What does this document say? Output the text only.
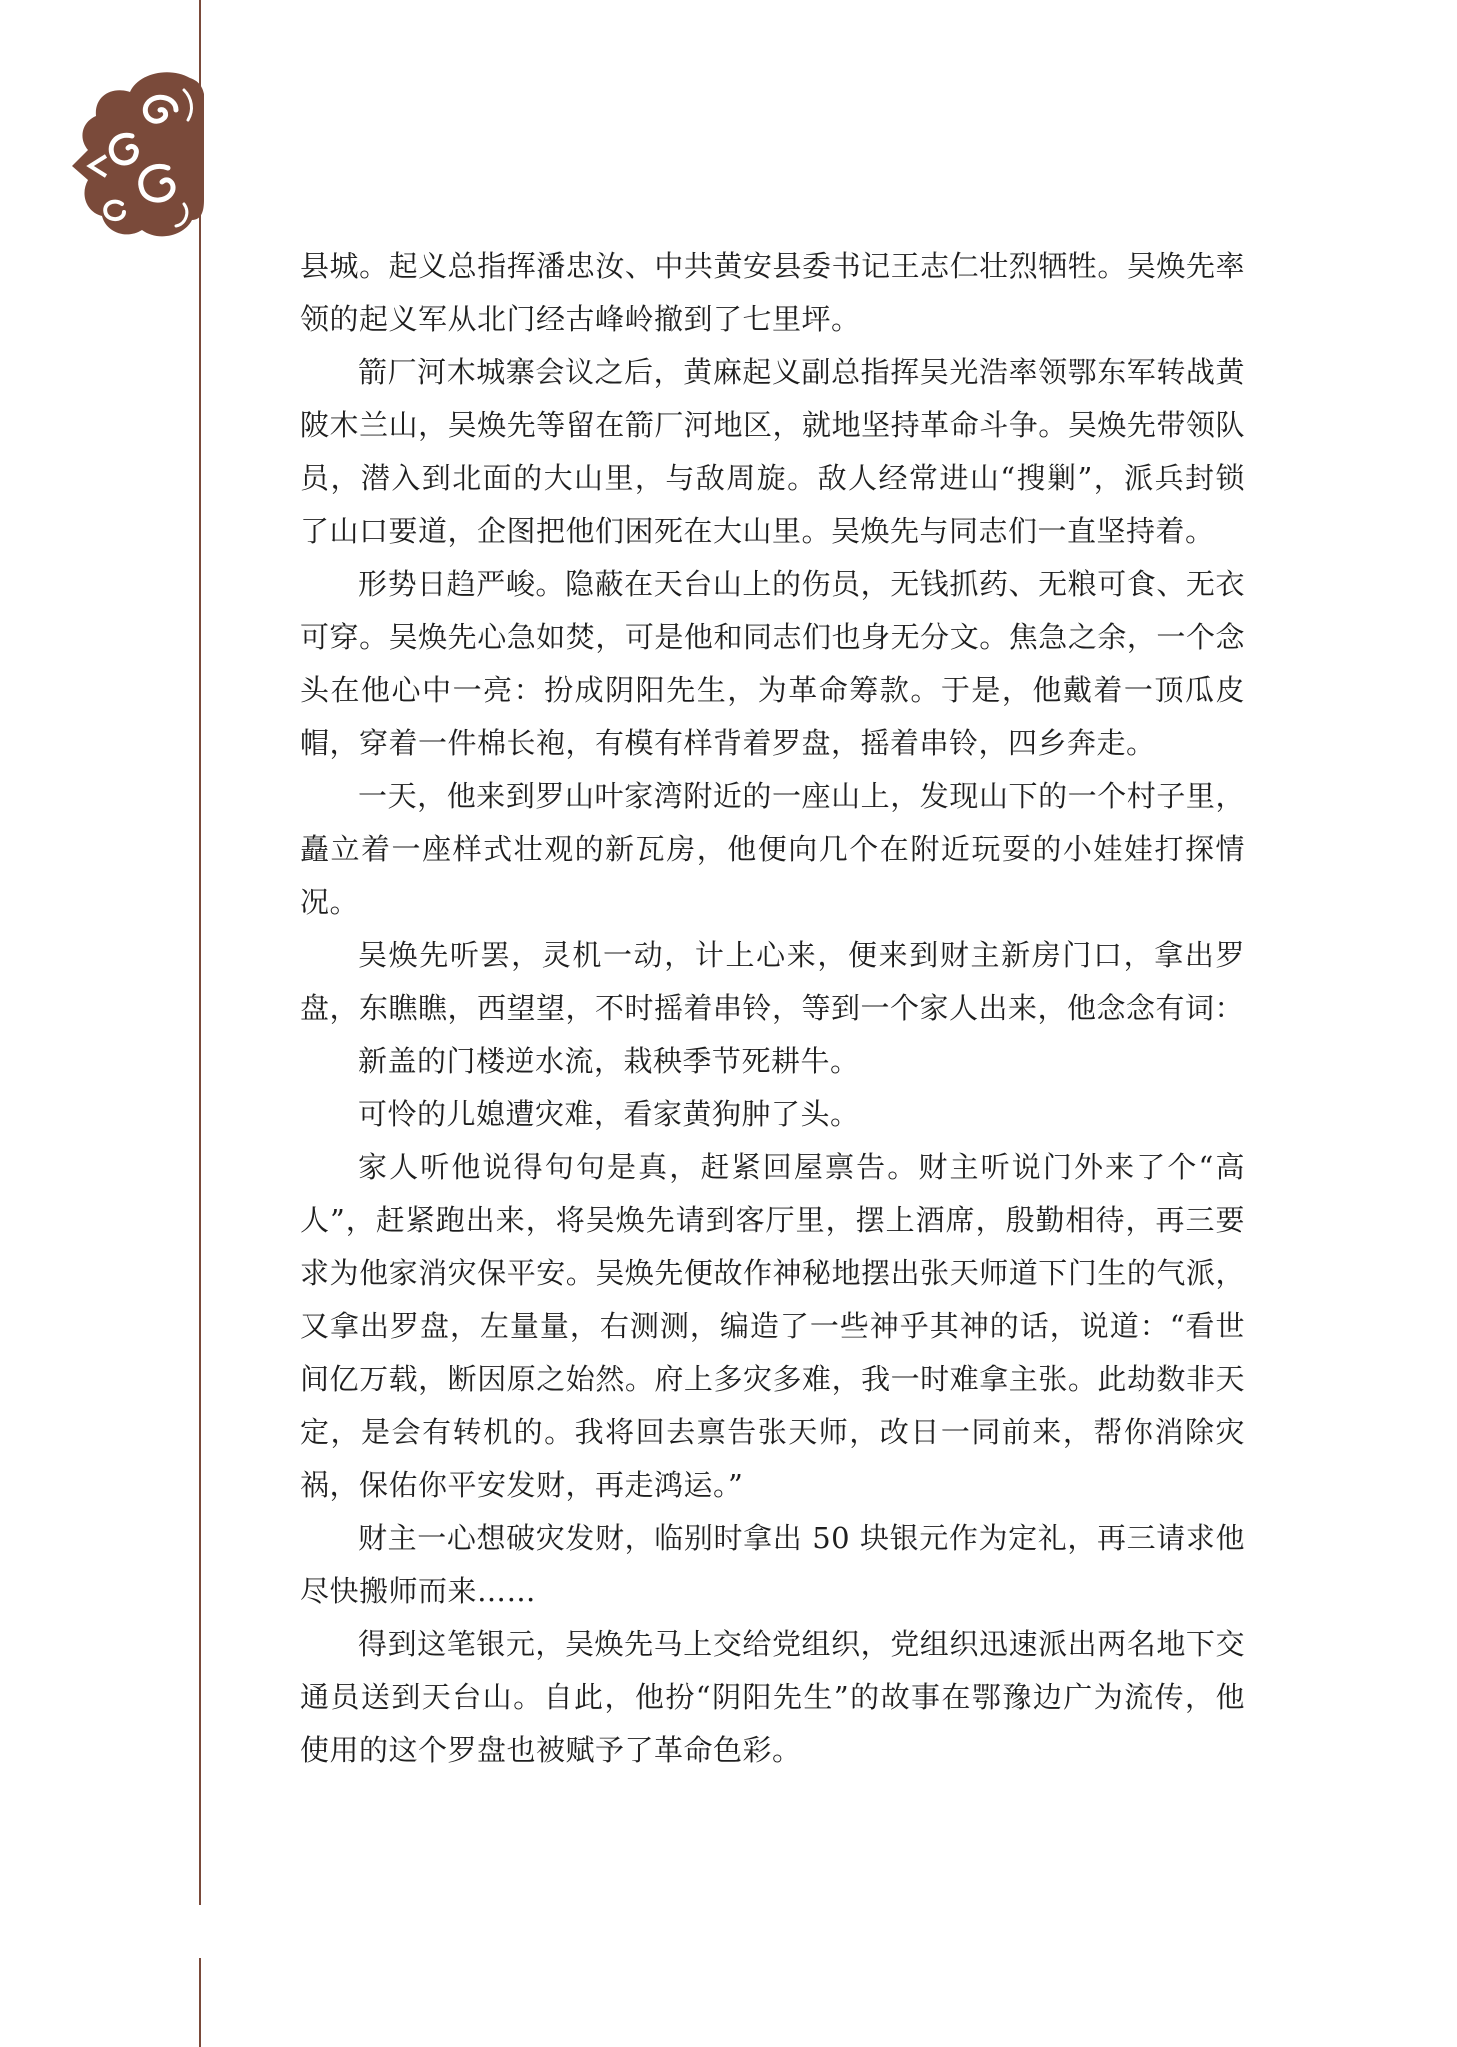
县城。起义总指挥潘忠汝、中共黄安县委书记王志仁壮烈牺牲。吴焕先率领的起义军从北门经古峰岭撤到了七里坪。

箭厂河木城寨会议之后，黄麻起义副总指挥吴光浩率领鄂东军转战黄陂木兰山，吴焕先等留在箭厂河地区，就地坚持革命斗争。吴焕先带领队员，潜入到北面的大山里，与敌周旋。敌人经常进山“搜剿”，派兵封锁了山口要道，企图把他们困死在大山里。吴焕先与同志们一直坚持着。

形势日趋严峻。隐蔽在天台山上的伤员，无钱抓药、无粮可食、无衣可穿。吴焕先心急如焚，可是他和同志们也身无分文。焦急之余，一个念头在他心中一亮：扮成阴阳先生，为革命筹款。于是，他戴着一顶瓜皮帽，穿着一件棉长袍，有模有样背着罗盘，摇着串铃，四乡奔走。

一天，他来到罗山叶家湾附近的一座山上，发现山下的一个村子里，矗立着一座样式壮观的新瓦房，他便向几个在附近玩耍的小娃娃打探情况。

吴焕先听罢，灵机一动，计上心来，便来到财主新房门口，拿出罗盘，东瞧瞧，西望望，不时摇着串铃，等到一个家人出来，他念念有词：

新盖的门楼逆水流，栽秧季节死耕牛。

可怜的儿媳遭灾难，看家黄狗肿了头。

家人听他说得句句是真，赶紧回屋禀告。财主听说门外来了个“高人”，赶紧跑出来，将吴焕先请到客厅里，摆上酒席，殷勤相待，再三要求为他家消灾保平安。吴焕先便故作神秘地摆出张天师道下门生的气派，又拿出罗盘，左量量，右测测，编造了一些神乎其神的话，说道：“看世间亿万载，断因原之始然。府上多灾多难，我一时难拿主张。此劫数非天定，是会有转机的。我将回去禀告张天师，改日一同前来，帮你消除灾祸，保佑你平安发财，再走鸿运。”

财主一心想破灾发财，临别时拿出 50 块银元作为定礼，再三请求他尽快搬师而来……

得到这笔银元，吴焕先马上交给党组织，党组织迅速派出两名地下交通员送到天台山。自此，他扮“阴阳先生”的故事在鄂豫边广为流传，他使用的这个罗盘也被赋予了革命色彩。
